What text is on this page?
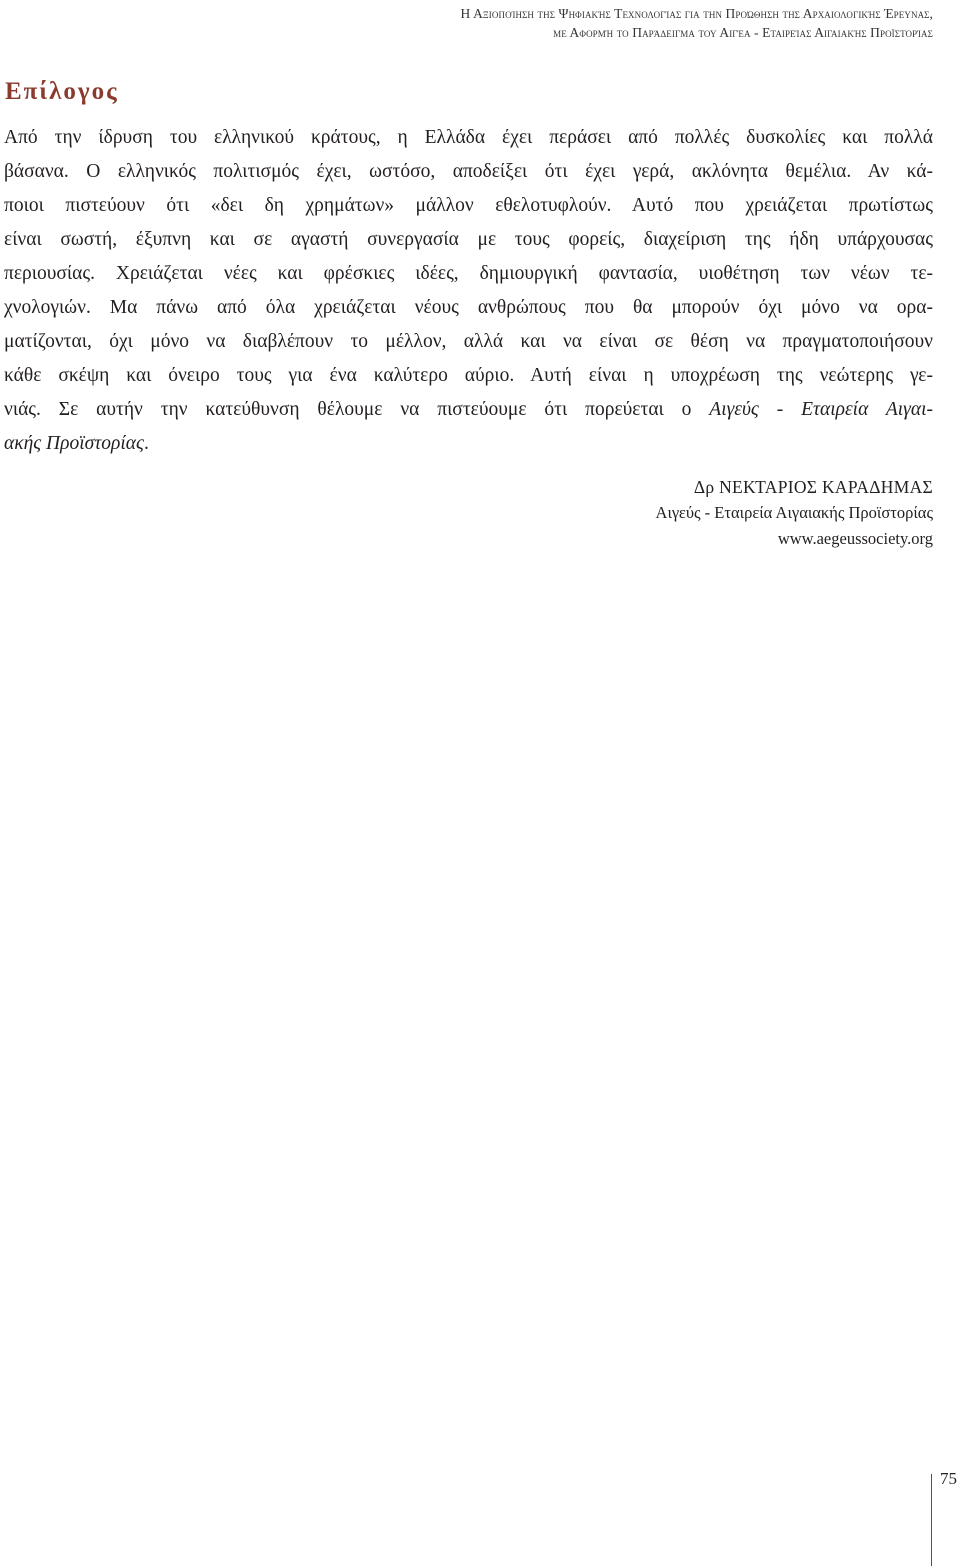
Η Αξιοποίηση της Ψηφιακής Τεχνολογίας για την Προώθηση της Αρχαιολογικής Έρευνας,
με Αφορμή το Παράδειγμα του Αιγέα - Εταιρείας Αιγαιακής Προϊστορίας
Επίλογος
Από την ίδρυση του ελληνικού κράτους, η Ελλάδα έχει περάσει από πολλές δυσκολίες και πολλά
βάσανα. Ο ελληνικός πολιτισμός έχει, ωστόσο, αποδείξει ότι έχει γερά, ακλόνητα θεμέλια. Αν κά-
ποιοι πιστεύουν ότι «δει δη χρημάτων» μάλλον εθελοτυφλούν. Αυτό που χρειάζεται πρωτίστως
είναι σωστή, έξυπνη και σε αγαστή συνεργασία με τους φορείς, διαχείριση της ήδη υπάρχουσας
περιουσίας. Χρειάζεται νέες και φρέσκιες ιδέες, δημιουργική φαντασία, υιοθέτηση των νέων τε-
χνολογιών. Μα πάνω από όλα χρειάζεται νέους ανθρώπους που θα μπορούν όχι μόνο να ορα-
ματίζονται, όχι μόνο να διαβλέπουν το μέλλον, αλλά και να είναι σε θέση να πραγματοποιήσουν
κάθε σκέψη και όνειρο τους για ένα καλύτερο αύριο. Αυτή είναι η υποχρέωση της νεώτερης γε-
νιάς. Σε αυτήν την κατεύθυνση θέλουμε να πιστεύουμε ότι πορεύεται ο Αιγεύς - Εταιρεία Αιγαι-
ακής Προϊστορίας.
Δρ ΝΕΚΤΑΡΙΟΣ ΚΑΡΑΔΗΜΑΣ
Αιγεύς - Εταιρεία Αιγαιακής Προϊστορίας
www.aegeussociety.org
75
